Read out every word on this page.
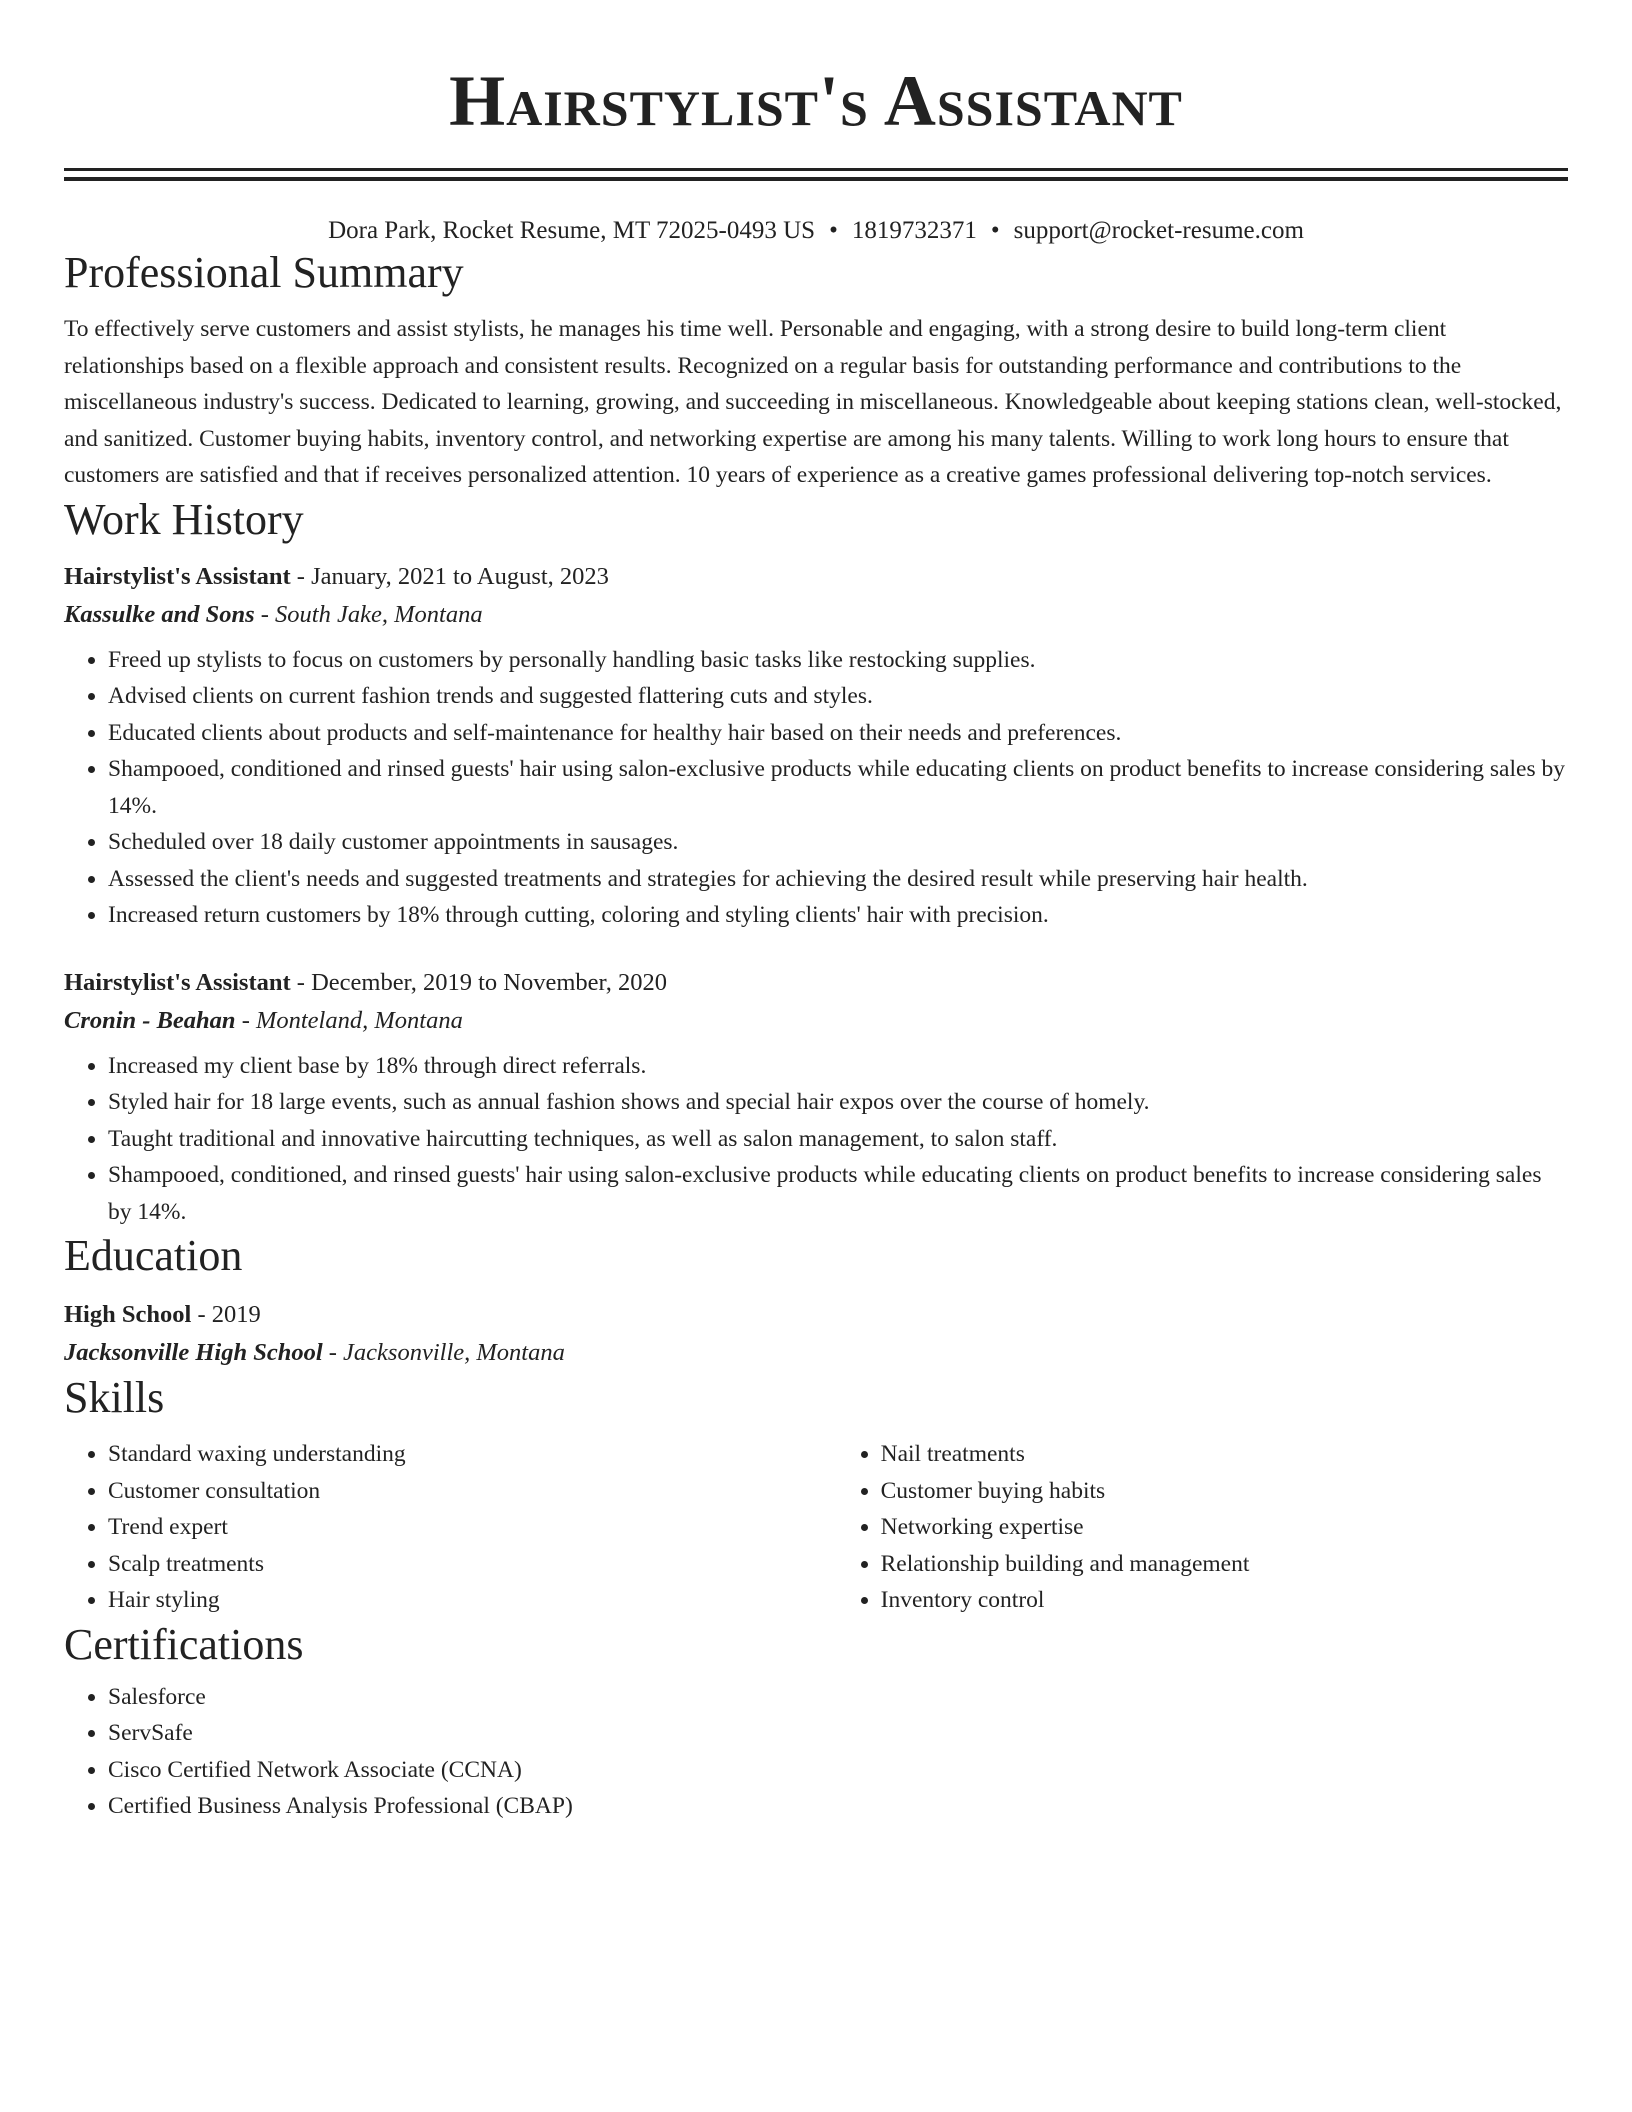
Hairstylist's Assistant
Dora Park, Rocket Resume, MT 72025-0493 US • 1819732371 • support@rocket-resume.com
Professional Summary
To effectively serve customers and assist stylists, he manages his time well. Personable and engaging, with a strong desire to build long-term client relationships based on a flexible approach and consistent results. Recognized on a regular basis for outstanding performance and contributions to the miscellaneous industry's success. Dedicated to learning, growing, and succeeding in miscellaneous. Knowledgeable about keeping stations clean, well-stocked, and sanitized. Customer buying habits, inventory control, and networking expertise are among his many talents. Willing to work long hours to ensure that customers are satisfied and that if receives personalized attention. 10 years of experience as a creative games professional delivering top-notch services.
Work History
Hairstylist's Assistant - January, 2021 to August, 2023
Kassulke and Sons - South Jake, Montana
• Freed up stylists to focus on customers by personally handling basic tasks like restocking supplies.
• Advised clients on current fashion trends and suggested flattering cuts and styles.
• Educated clients about products and self-maintenance for healthy hair based on their needs and preferences.
• Shampooed, conditioned and rinsed guests' hair using salon-exclusive products while educating clients on product benefits to increase considering sales by 14%.
• Scheduled over 18 daily customer appointments in sausages.
• Assessed the client's needs and suggested treatments and strategies for achieving the desired result while preserving hair health.
• Increased return customers by 18% through cutting, coloring and styling clients' hair with precision.
Hairstylist's Assistant - December, 2019 to November, 2020
Cronin - Beahan - Monteland, Montana
• Increased my client base by 18% through direct referrals.
• Styled hair for 18 large events, such as annual fashion shows and special hair expos over the course of homely.
• Taught traditional and innovative haircutting techniques, as well as salon management, to salon staff.
• Shampooed, conditioned, and rinsed guests' hair using salon-exclusive products while educating clients on product benefits to increase considering sales by 14%.
Education
High School - 2019
Jacksonville High School - Jacksonville, Montana
Skills
• Standard waxing understanding
• Customer consultation
• Trend expert
• Scalp treatments
• Hair styling
• Nail treatments
• Customer buying habits
• Networking expertise
• Relationship building and management
• Inventory control
Certifications
• Salesforce
• ServSafe
• Cisco Certified Network Associate (CCNA)
• Certified Business Analysis Professional (CBAP)
